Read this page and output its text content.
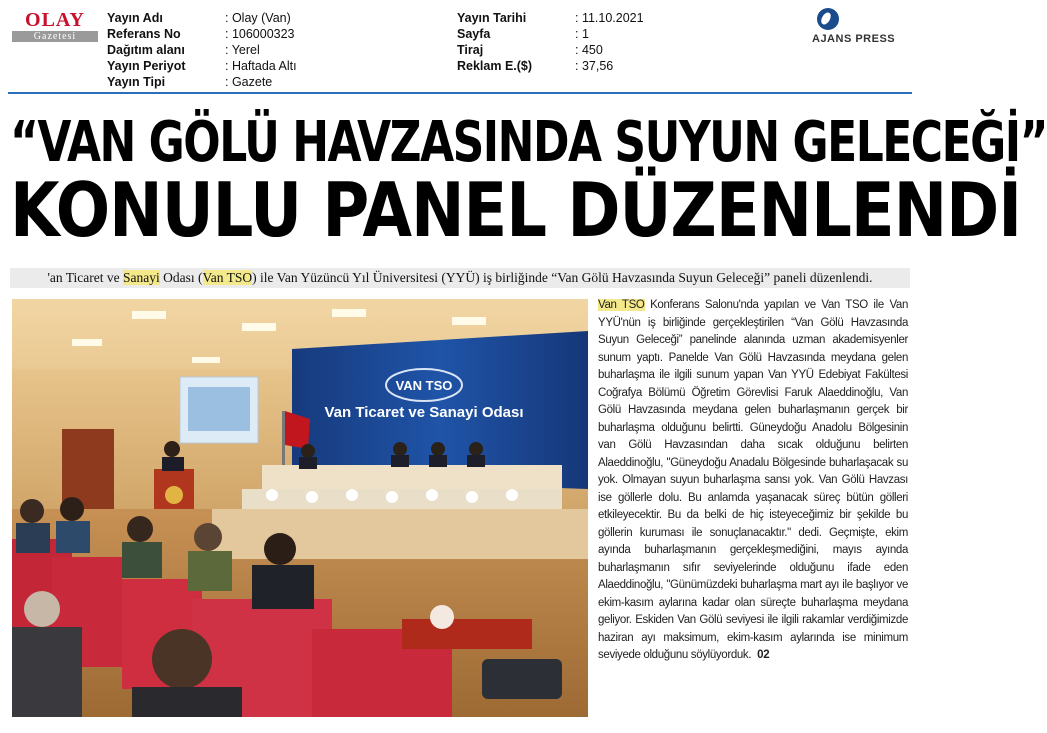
OLAY
Gazetesi
Yayın Adı	: Olay (Van)
Referans No	: 106000323
Dağıtım alanı	: Yerel
Yayın Periyot	: Haftada Altı
Yayın Tipi	: Gazete
Yayın Tarihi	: 11.10.2021
Sayfa	: 1
Tiraj	: 450
Reklam E.($)	: 37,56
AJANS PRESS
“VAN GÖLÜ HAVZASINDA SUYUN GELECEĞİ”
KONULU PANEL DÜZENLENDİ
'an Ticaret ve Sanayi Odası (Van TSO) ile Van Yüzüncü Yıl Üniversitesi (YYÜ) iş birliğinde “Van Gölü Havzasında Suyun Geleceği” paneli düzenlendi.
VAN TSO
Van Ticaret ve Sanayi Odası

Van TSO Konferans Salonu'nda yapılan ve Van TSO ile Van YYÜ'nün iş birliğinde gerçekleştirilen “Van Gölü Havzasında Suyun Geleceği” panelinde alanında uzman akademisyenler sunum yaptı. Panelde Van Gölü Havzasında meydana gelen buharlaşma ile ilgili sunum yapan Van YYÜ Edebiyat Fakültesi Coğrafya Bölümü Öğretim Görevlisi Faruk Alaeddinoğlu, Van Gölü Havzasında meydana gelen buharlaşmanın gerçek bir buharlaşma olduğunu belirtti. Güneydoğu Anadolu Bölgesinin van Gölü Havzasından daha sıcak olduğunu belirten Alaeddinoğlu, "Güneydoğu Anadalu Bölgesinde buharlaşacak su yok. Olmayan suyun buharlaşma sansı yok. Van Gölü Havzası ise göllerle dolu. Bu anlamda yaşanacak süreç bütün gölleri etkileyecektir. Bu da belki de hiç isteyeceğimiz bir şekilde bu göllerin kuruması ile sonuçlanacaktır." dedi. Geçmişte, ekim ayında buharlaşmanın gerçekleşmediğini, mayıs ayında buharlaşmanın sıfır seviyelerinde olduğunu ifade eden Alaeddinoğlu, "Günümüzdeki buharlaşma mart ayı ile başlıyor ve ekim-kasım aylarına kadar olan süreçte buharlaşma meydana geliyor. Eskiden Van Gölü seviyesi ile ilgili rakamlar verdiğimizde haziran ayı maksimum, ekim-kasım aylarında ise minimum seviyede olduğunu söylüyorduk. 02
